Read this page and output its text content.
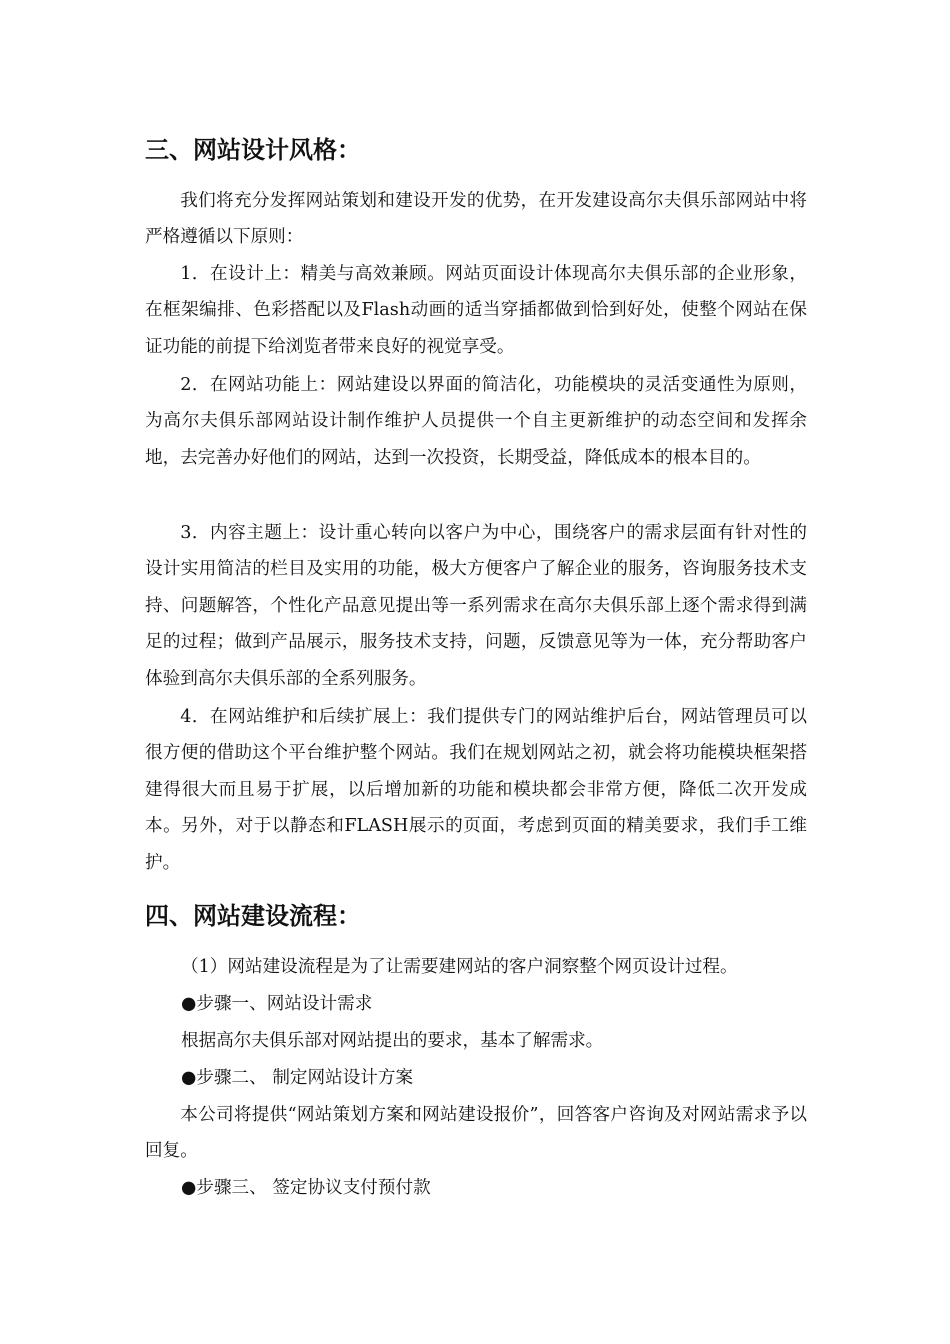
三、网站设计风格：

我们将充分发挥网站策划和建设开发的优势，在开发建设高尔夫俱乐部网站中将严格遵循以下原则：

1．在设计上：精美与高效兼顾。网站页面设计体现高尔夫俱乐部的企业形象，在框架编排、色彩搭配以及Flash动画的适当穿插都做到恰到好处，使整个网站在保证功能的前提下给浏览者带来良好的视觉享受。

2．在网站功能上：网站建设以界面的简洁化，功能模块的灵活变通性为原则，为高尔夫俱乐部网站设计制作维护人员提供一个自主更新维护的动态空间和发挥余地，去完善办好他们的网站，达到一次投资，长期受益，降低成本的根本目的。

3．内容主题上：设计重心转向以客户为中心，围绕客户的需求层面有针对性的设计实用简洁的栏目及实用的功能，极大方便客户了解企业的服务，咨询服务技术支持、问题解答，个性化产品意见提出等一系列需求在高尔夫俱乐部上逐个需求得到满足的过程；做到产品展示，服务技术支持，问题，反馈意见等为一体，充分帮助客户体验到高尔夫俱乐部的全系列服务。

4．在网站维护和后续扩展上：我们提供专门的网站维护后台，网站管理员可以很方便的借助这个平台维护整个网站。我们在规划网站之初，就会将功能模块框架搭建得很大而且易于扩展，以后增加新的功能和模块都会非常方便，降低二次开发成本。另外，对于以静态和FLASH展示的页面，考虑到页面的精美要求，我们手工维护。

四、网站建设流程：

（1）网站建设流程是为了让需要建网站的客户洞察整个网页设计过程。

●步骤一、网站设计需求

根据高尔夫俱乐部对网站提出的要求，基本了解需求。

●步骤二、 制定网站设计方案

本公司将提供“网站策划方案和网站建设报价”，回答客户咨询及对网站需求予以回复。

●步骤三、 签定协议支付预付款
